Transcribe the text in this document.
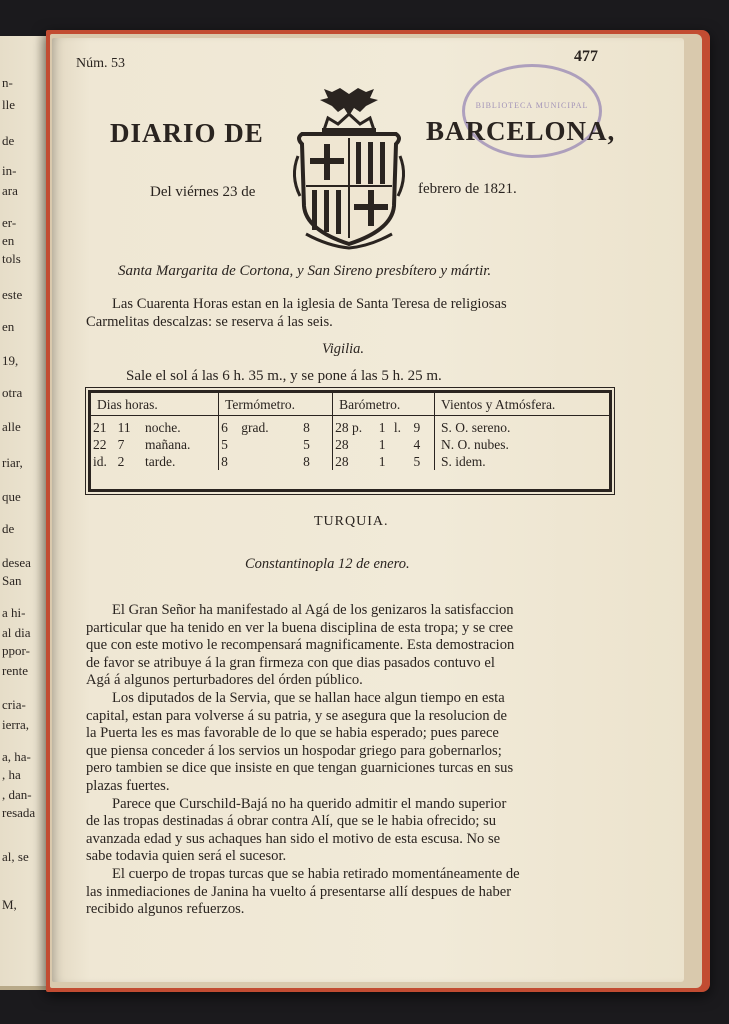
n-
lle
de
in-
ara
er-
en
tols
este
en
19,
otra
alle
riar,
que
de
desea
San
a hi-
al dia
ppor-
rente
cria-
ierra,
a, ha-
, ha
, dan-
resada
al, se
M,
Núm. 53	477
BIBLIOTECA MUNICIPAL
DIARIO DE	BARCELONA,
Del viérnes 23 de	febrero de 1821.
Santa Margarita de Cortona, y San Sireno presbítero y mártir.
Las Cuarenta Horas estan en la iglesia de Santa Teresa de religiosas
Carmelitas descalzas: se reserva á las seis.
Vigilia.
Sale el sol á las 6 h. 35 m., y se pone á las 5 h. 25 m.
Dias horas.			Termómetro.			Barómetro.				Vientos y Atmósfera.
21	11	noche.	6	grad.	8	28 p.	1	l.	9	S. O. sereno.
22	7	mañana.	5		5	28	1		4	N. O. nubes.
id.	2	tarde.	8		8	28	1		5	S. idem.
TURQUIA.
Constantinopla 12 de enero.
El Gran Señor ha manifestado al Agá de los genizaros la satisfaccion
particular que ha tenido en ver la buena disciplina de esta tropa; y se cree
que con este motivo le recompensará magnificamente. Esta demostracion
de favor se atribuye á la gran firmeza con que dias pasados contuvo el
Agá á algunos perturbadores del órden público.
Los diputados de la Servia, que se hallan hace algun tiempo en esta
capital, estan para volverse á su patria, y se asegura que la resolucion de
la Puerta les es mas favorable de lo que se habia esperado; pues parece
que piensa conceder á los servios un hospodar griego para gobernarlos;
pero tambien se dice que insiste en que tengan guarniciones turcas en sus
plazas fuertes.
Parece que Curschild-Bajá no ha querido admitir el mando superior
de las tropas destinadas á obrar contra Alí, que se le habia ofrecido; su
avanzada edad y sus achaques han sido el motivo de esta escusa. No se
sabe todavia quien será el sucesor.
El cuerpo de tropas turcas que se habia retirado momentáneamente de
las inmediaciones de Janina ha vuelto á presentarse allí despues de haber
recibido algunos refuerzos.
